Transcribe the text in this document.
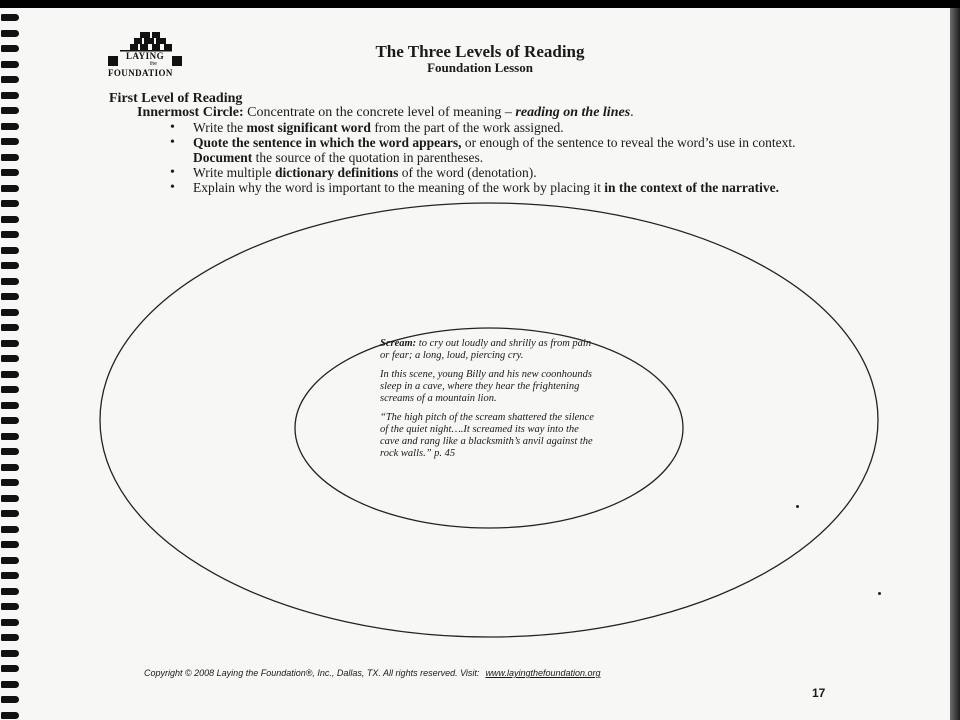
LAYING
the
FOUNDATION
The Three Levels of Reading
Foundation Lesson
First Level of Reading
Innermost Circle: Concentrate on the concrete level of meaning – reading on the lines.
• Write the most significant word from the part of the work assigned.
• Quote the sentence in which the word appears, or enough of the sentence to reveal the word’s use in context. Document the source of the quotation in parentheses.
• Write multiple dictionary definitions of the word (denotation).
• Explain why the word is important to the meaning of the work by placing it in the context of the narrative.

Scream: to cry out loudly and shrilly as from pain or fear; a long, loud, piercing cry.

In this scene, young Billy and his new coonhounds sleep in a cave, where they hear the frightening screams of a mountain lion.

“The high pitch of the scream shattered the silence of the quiet night….It screamed its way into the cave and rang like a blacksmith’s anvil against the rock walls.” p. 45

Copyright © 2008 Laying the Foundation®, Inc., Dallas, TX. All rights reserved. Visit: www.layingthefoundation.org
17
